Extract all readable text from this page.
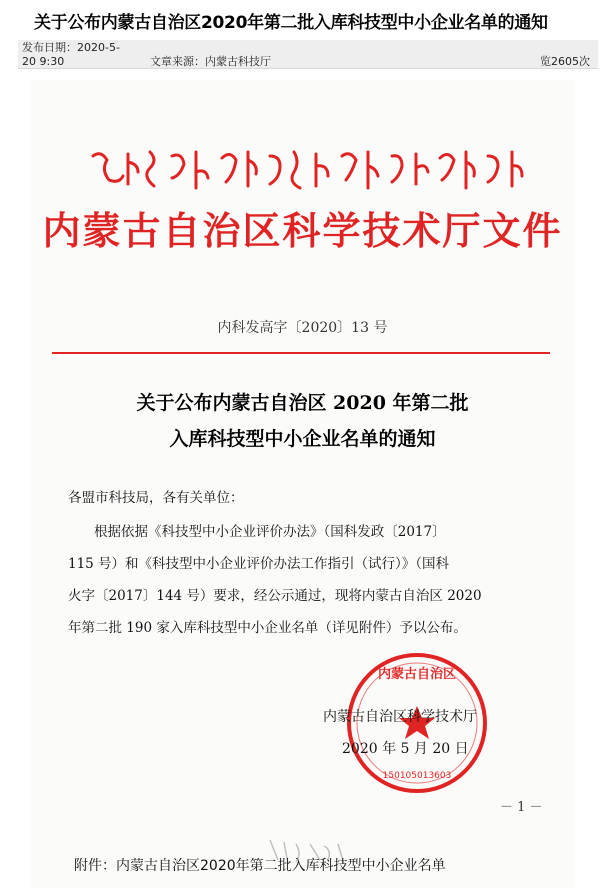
关于公布内蒙古自治区2020年第二批入库科技型中小企业名单的通知
发布日期：2020-5-20 9:30	文章来源：内蒙古科技厅	览2605次
内蒙古自治区科学技术厅文件
内科发高字〔2020〕13 号
关于公布内蒙古自治区 2020 年第二批
入库科技型中小企业名单的通知
各盟市科技局，各有关单位：
根据依据《科技型中小企业评价办法》（国科发政〔2017〕
115 号）和《科技型中小企业评价办法工作指引（试行）》（国科
火字〔2017〕144 号）要求，经公示通过，现将内蒙古自治区 2020
年第二批 190 家入库科技型中小企业名单（详见附件）予以公布。
内蒙古自治区
150105013603
内蒙古自治区科学技术厅
2020 年 5 月 20 日
－ 1 －
附件：内蒙古自治区2020年第二批入库科技型中小企业名单
